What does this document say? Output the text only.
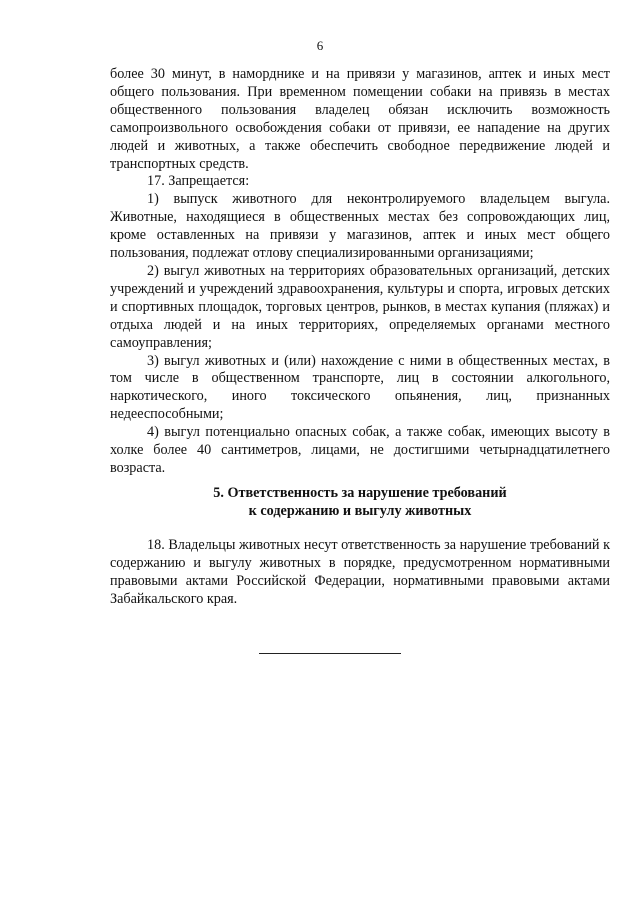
6

более 30 минут, в наморднике и на привязи у магазинов, аптек и иных мест общего пользования. При временном помещении собаки на привязь в местах общественного пользования владелец обязан исключить возможность самопроизвольного освобождения собаки от привязи, ее нападение на других людей и животных, а также обеспечить свободное передвижение людей и транспортных средств.

17. Запрещается:

1) выпуск животного для неконтролируемого владельцем выгула. Животные, находящиеся в общественных местах без сопровождающих лиц, кроме оставленных на привязи у магазинов, аптек и иных мест общего пользования, подлежат отлову специализированными организациями;

2) выгул животных на территориях образовательных организаций, детских учреждений и учреждений здравоохранения, культуры и спорта, игровых детских и спортивных площадок, торговых центров, рынков, в местах купания (пляжах) и отдыха людей и на иных территориях, определяемых органами местного самоуправления;

3) выгул животных и (или) нахождение с ними в общественных местах, в том числе в общественном транспорте, лиц в состоянии алкогольного, наркотического, иного токсического опьянения, лиц, признанных недееспособными;

4) выгул потенциально опасных собак, а также собак, имеющих высоту в холке более 40 сантиметров, лицами, не достигшими четырнадцатилетнего возраста.

5. Ответственность за нарушение требований
к содержанию и выгулу животных

18. Владельцы животных несут ответственность за нарушение требований к содержанию и выгулу животных в порядке, предусмотренном нормативными правовыми актами Российской Федерации, нормативными правовыми актами Забайкальского края.
